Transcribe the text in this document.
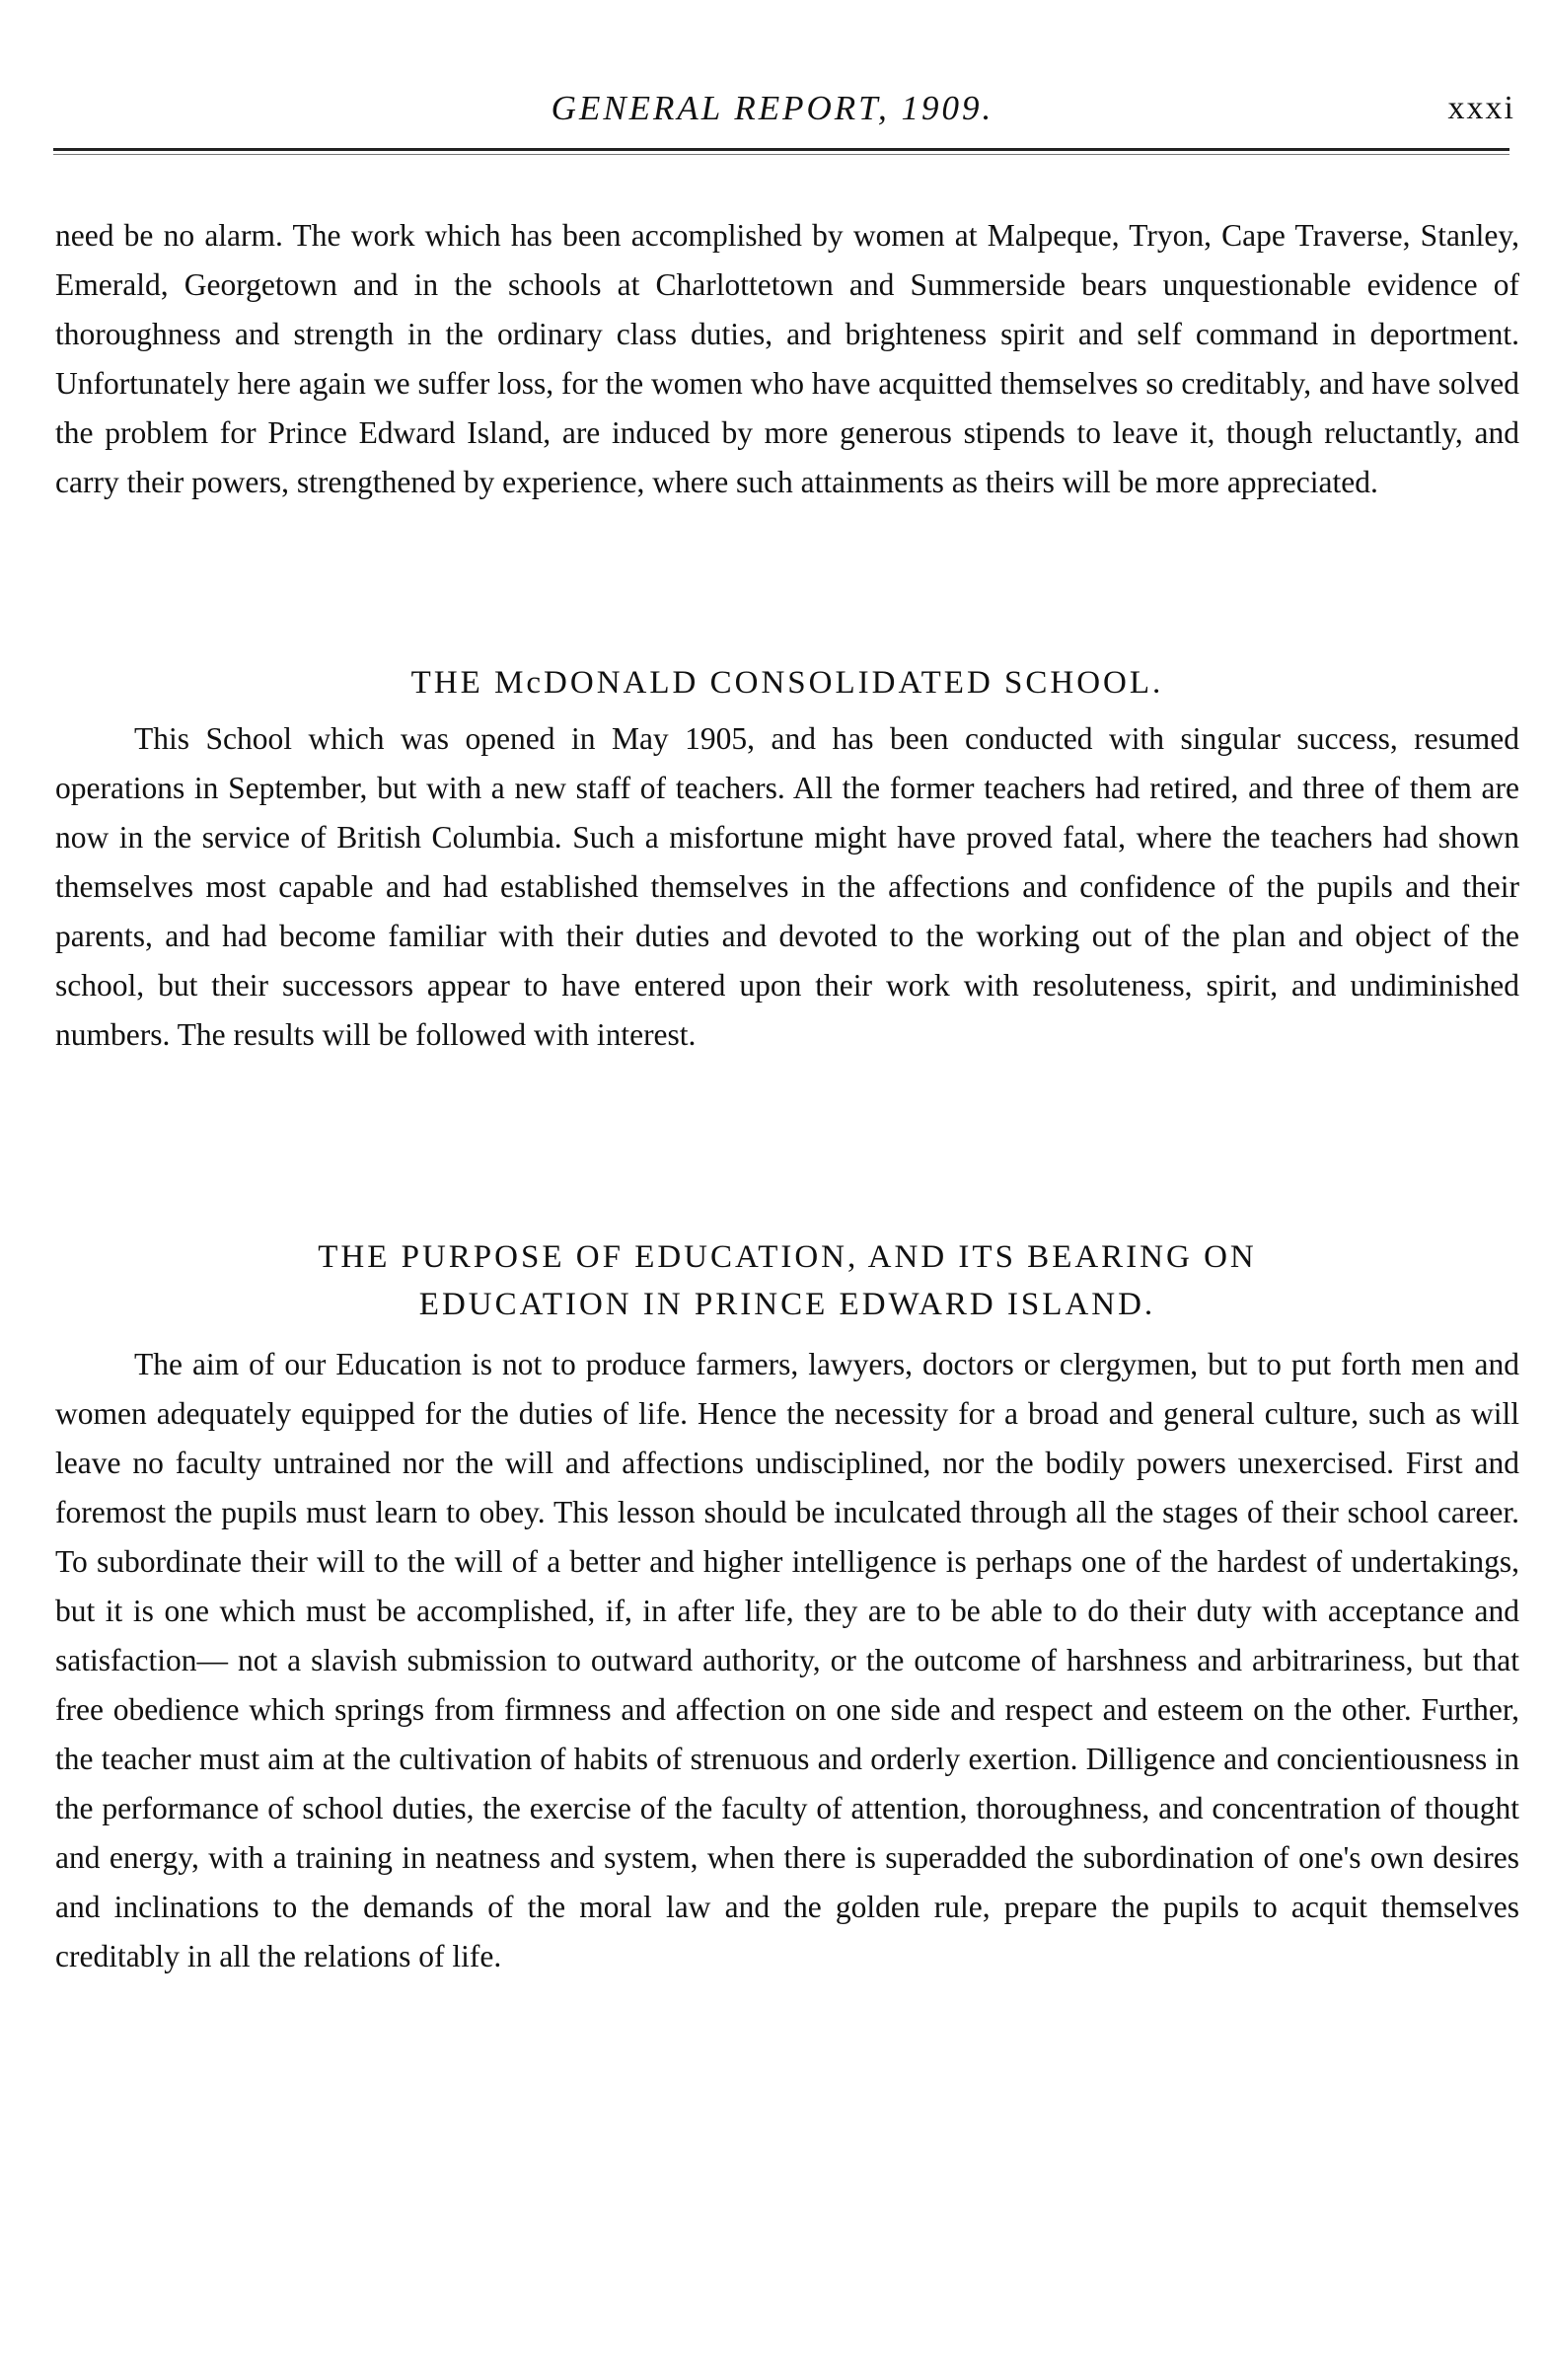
GENERAL REPORT, 1909.	xxxi

need be no alarm. The work which has been accomplished by women at Malpeque, Tryon, Cape Traverse, Stanley, Emerald, Georgetown and in the schools at Charlottetown and Summerside bears unquestionable evidence of thoroughness and strength in the ordinary class duties, and brighteness spirit and self command in deportment. Unfortunately here again we suffer loss, for the women who have acquitted themselves so creditably, and have solved the problem for Prince Edward Island, are induced by more generous stipends to leave it, though reluctantly, and carry their powers, strengthened by experience, where such attainments as theirs will be more appreciated.

THE McDONALD CONSOLIDATED SCHOOL.

This School which was opened in May 1905, and has been conducted with singular success, resumed operations in September, but with a new staff of teachers. All the former teachers had retired, and three of them are now in the service of British Columbia. Such a misfortune might have proved fatal, where the teachers had shown themselves most capable and had established themselves in the affections and confidence of the pupils and their parents, and had become familiar with their duties and devoted to the working out of the plan and object of the school, but their successors appear to have entered upon their work with resoluteness, spirit, and undiminished numbers. The results will be followed with interest.

THE PURPOSE OF EDUCATION, AND ITS BEARING ON
EDUCATION IN PRINCE EDWARD ISLAND.

The aim of our Education is not to produce farmers, lawyers, doctors or clergymen, but to put forth men and women adequately equipped for the duties of life. Hence the necessity for a broad and general culture, such as will leave no faculty untrained nor the will and affections undisciplined, nor the bodily powers unexercised. First and foremost the pupils must learn to obey. This lesson should be inculcated through all the stages of their school career. To subordinate their will to the will of a better and higher intelligence is perhaps one of the hardest of undertakings, but it is one which must be accomplished, if, in after life, they are to be able to do their duty with acceptance and satisfaction— not a slavish submission to outward authority, or the outcome of harshness and arbitrariness, but that free obedience which springs from firmness and affection on one side and respect and esteem on the other. Further, the teacher must aim at the cultivation of habits of strenuous and orderly exertion. Dilligence and concientiousness in the performance of school duties, the exercise of the faculty of attention, thoroughness, and concentration of thought and energy, with a training in neatness and system, when there is superadded the subordination of one's own desires and inclinations to the demands of the moral law and the golden rule, prepare the pupils to acquit themselves creditably in all the relations of life.
